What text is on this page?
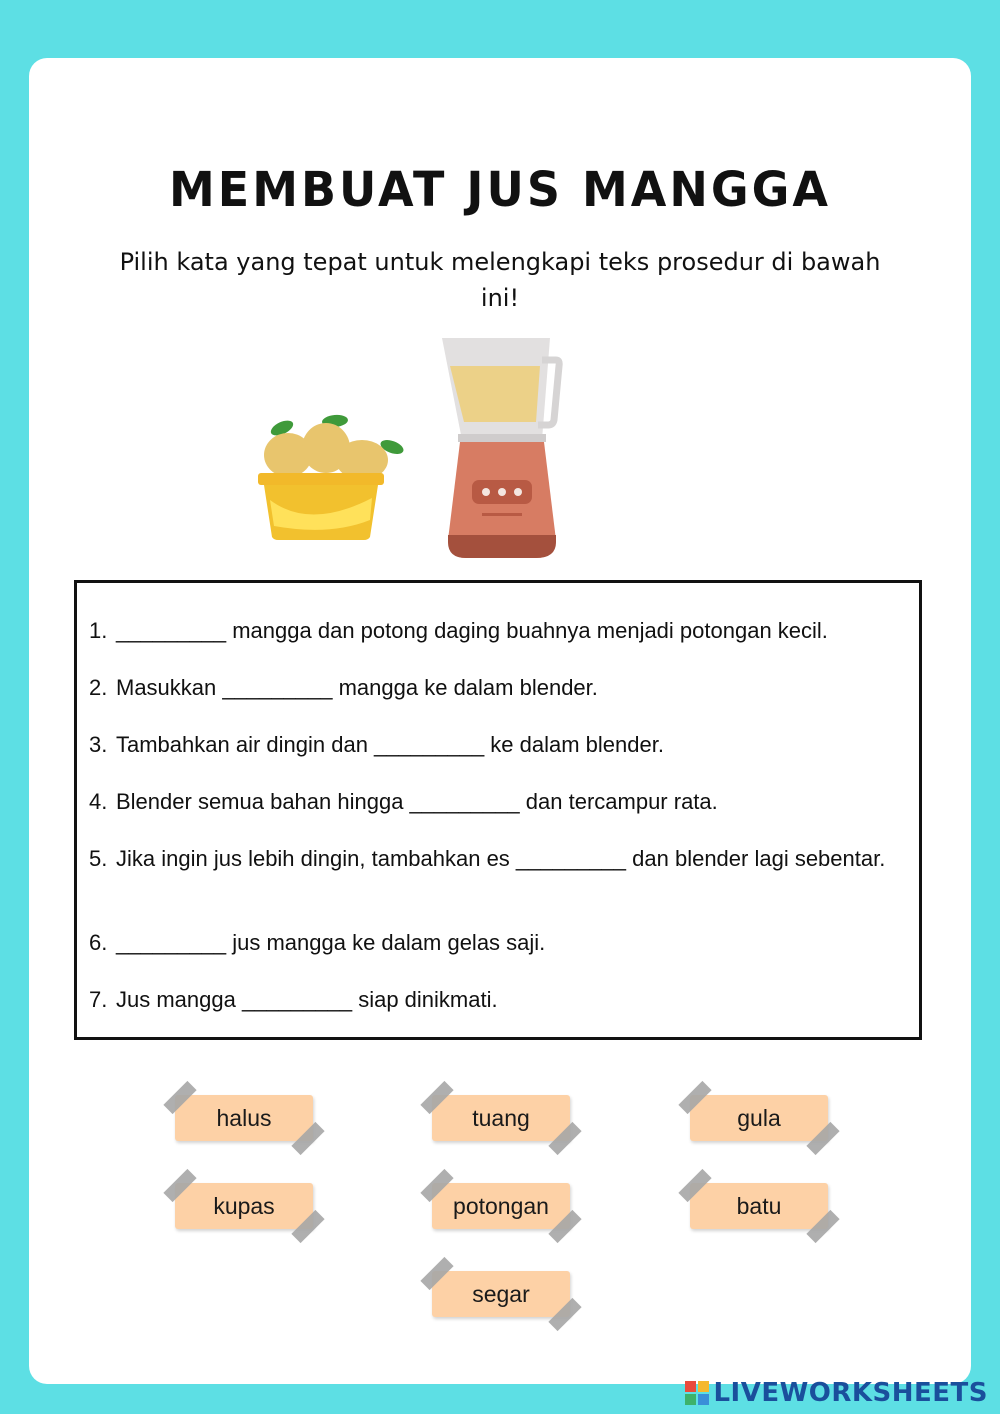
MEMBUAT JUS MANGGA

Pilih kata yang tepat untuk melengkapi teks prosedur di bawah ini!

1. _________ mangga dan potong daging buahnya menjadi potongan kecil.
2. Masukkan _________ mangga ke dalam blender.
3. Tambahkan air dingin dan _________ ke dalam blender.
4. Blender semua bahan hingga _________ dan tercampur rata.
5. Jika ingin jus lebih dingin, tambahkan es _________ dan blender lagi sebentar.
6. _________ jus mangga ke dalam gelas saji.
7. Jus mangga _________ siap dinikmati.
halus	tuang	gula
kupas	potongan	batu
segar
LIVEWORKSHEETS
